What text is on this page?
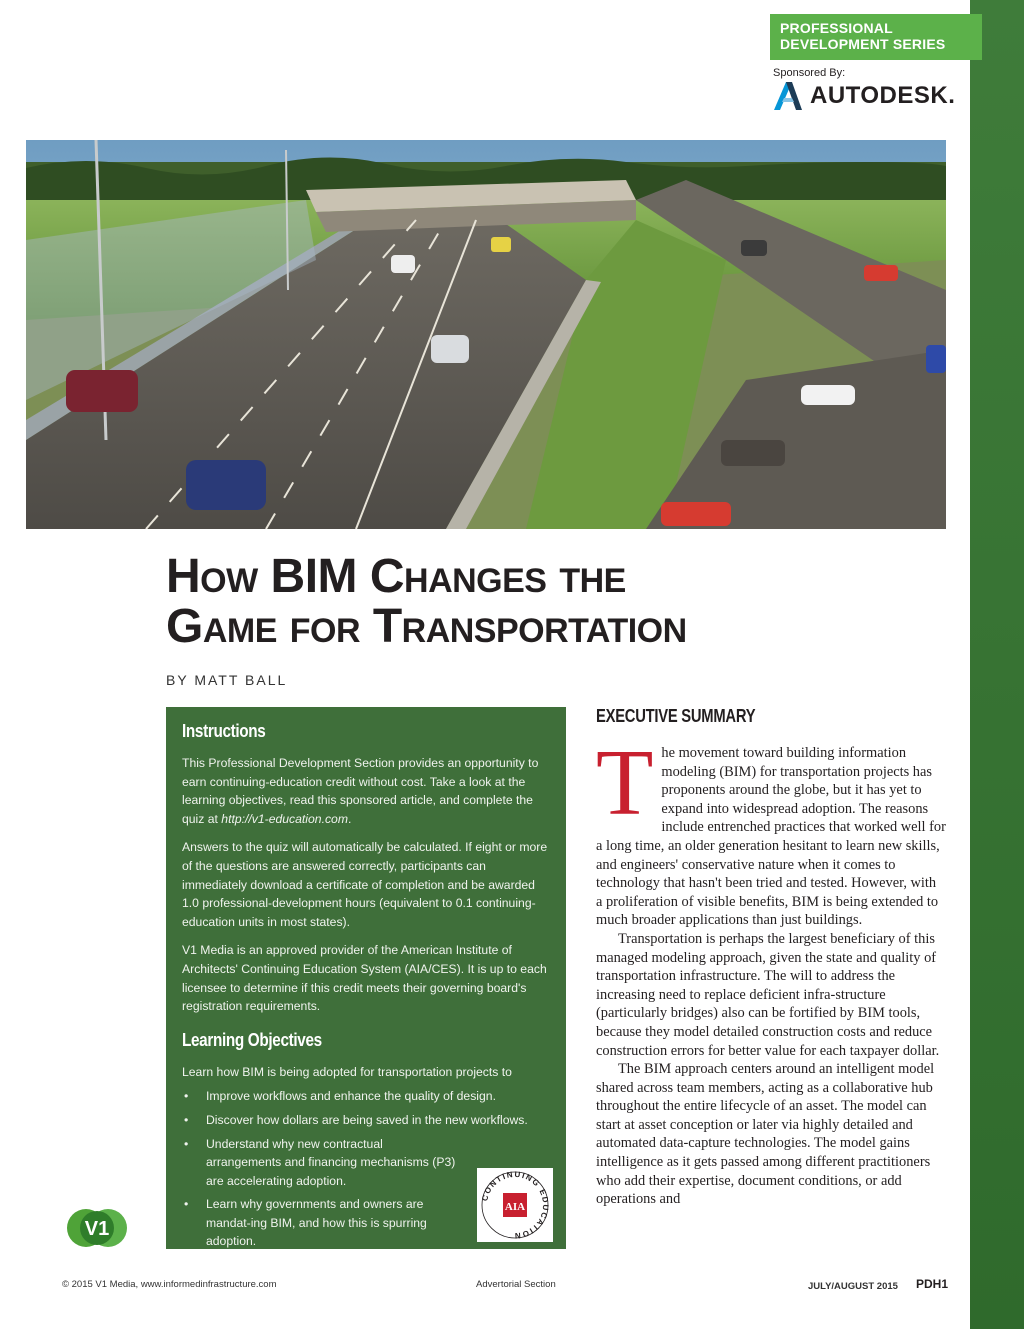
PROFESSIONAL
DEVELOPMENT SERIES
Sponsored By:
AUTODESK.
How BIM Changes the
Game for Transportation
BY MATT BALL
Instructions

This Professional Development Section provides an opportunity to earn continuing-education credit without cost. Take a look at the learning objectives, read this sponsored article, and complete the quiz at http://v1-education.com.

Answers to the quiz will automatically be calculated. If eight or more of the questions are answered correctly, participants can immediately download a certificate of completion and be awarded 1.0 professional-development hours (equivalent to 0.1 continuing-education units in most states).

V1 Media is an approved provider of the American Institute of Architects' Continuing Education System (AIA/CES). It is up to each licensee to determine if this credit meets their governing board's registration requirements.

Learning Objectives

Learn how BIM is being adopted for transportation projects to

• Improve workflows and enhance the quality of design.
• Discover how dollars are being saved in the new workflows.
• Understand why new contractual arrangements and financing mechanisms (P3) are accelerating adoption.
• Learn why governments and owners are mandat-ing BIM, and how this is spurring adoption.
CONTINUING EDUCATION
AIA
V1
EXECUTIVE SUMMARY

The movement toward building information modeling (BIM) for transportation projects has proponents around the globe, but it has yet to expand into widespread adoption. The reasons include entrenched practices that worked well for a long time, an older generation hesitant to learn new skills, and engineers' conservative nature when it comes to technology that hasn't been tried and tested. However, with a proliferation of visible benefits, BIM is being extended to much broader applications than just buildings.

Transportation is perhaps the largest beneficiary of this managed modeling approach, given the state and quality of transportation infrastructure. The will to address the increasing need to replace deficient infra-structure (particularly bridges) also can be fortified by BIM tools, because they model detailed construction costs and reduce construction errors for better value for each taxpayer dollar.

The BIM approach centers around an intelligent model shared across team members, acting as a collaborative hub throughout the entire lifecycle of an asset. The model can start at asset conception or later via highly detailed and automated data-capture technologies. The model gains intelligence as it gets passed among different practitioners who add their expertise, document conditions, or add operations and

© 2015 V1 Media, www.informedinfrastructure.com	Advertorial Section	JULY/AUGUST 2015 PDH1
